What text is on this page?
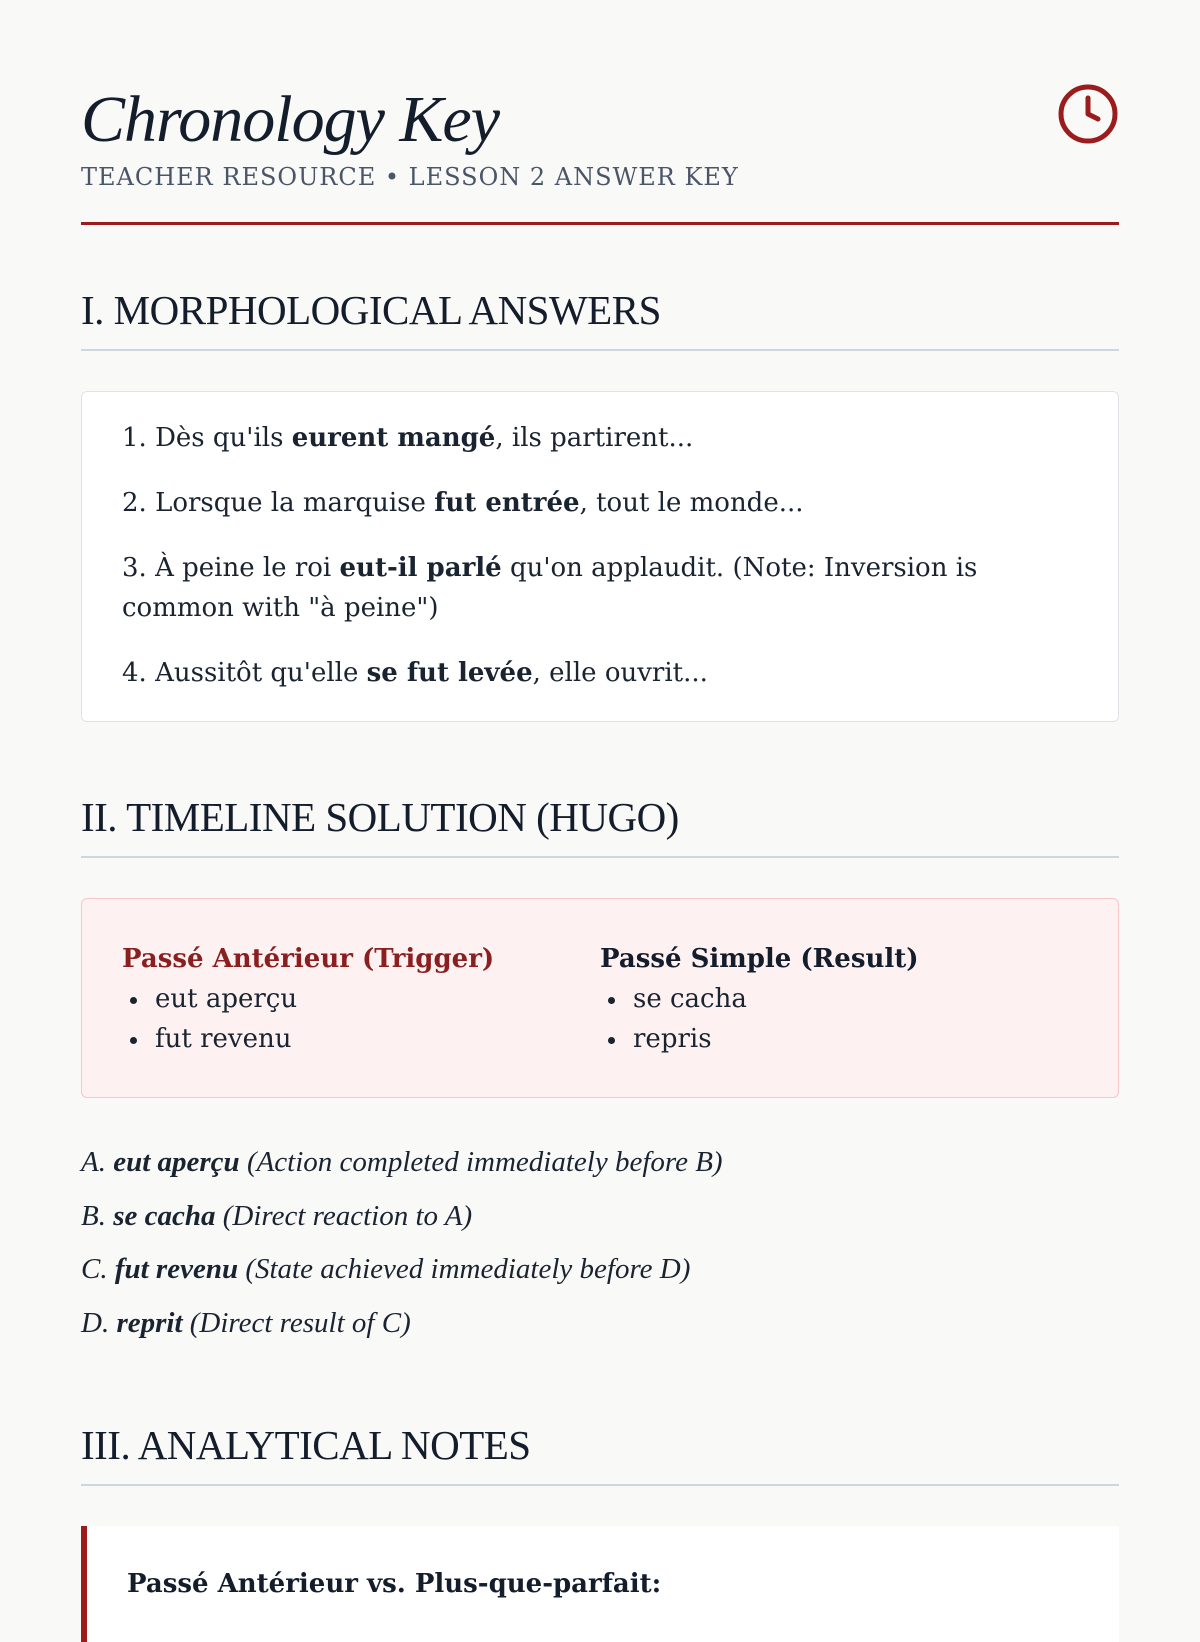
Chronology Key
TEACHER RESOURCE • LESSON 2 ANSWER KEY
I. MORPHOLOGICAL ANSWERS

1. Dès qu'ils eurent mangé, ils partirent...

2. Lorsque la marquise fut entrée, tout le monde...

3. À peine le roi eut-il parlé qu'on applaudit. (Note: Inversion is common with "à peine")

4. Aussitôt qu'elle se fut levée, elle ouvrit...

II. TIMELINE SOLUTION (HUGO)
Passé Antérieur (Trigger)
eut aperçu
fut revenu
Passé Simple (Result)
se cacha
repris
A. eut aperçu (Action completed immediately before B)
B. se cacha (Direct reaction to A)
C. fut revenu (State achieved immediately before D)
D. reprit (Direct result of C)
III. ANALYTICAL NOTES
Passé Antérieur vs. Plus-que-parfait:
